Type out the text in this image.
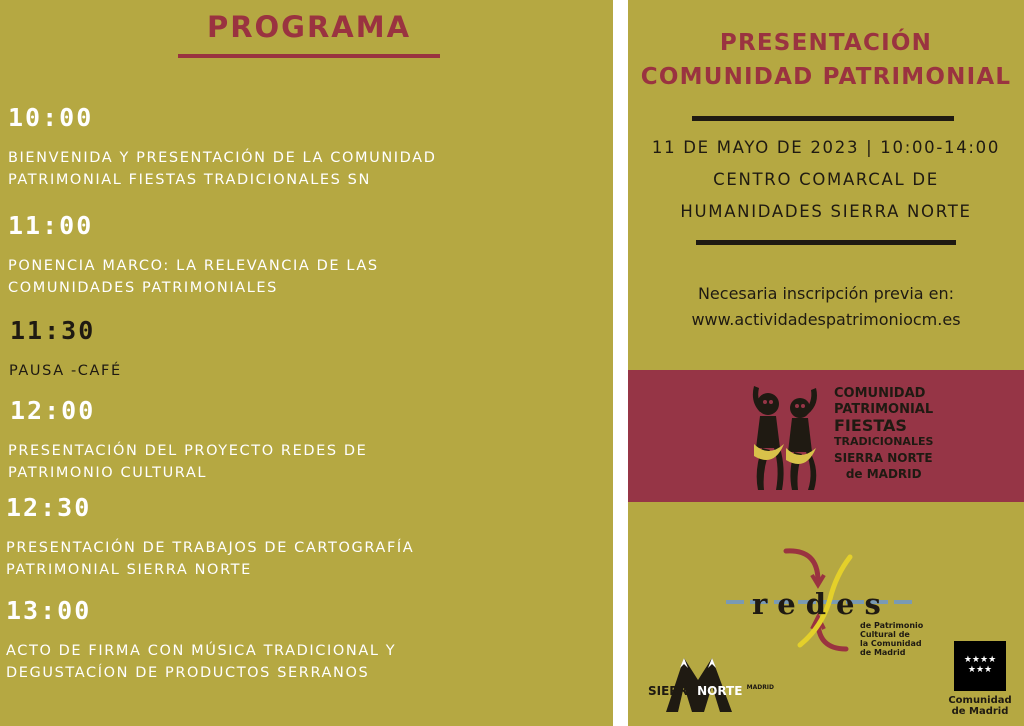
PROGRAMA
10:00
BIENVENIDA Y PRESENTACIÓN DE LA COMUNIDAD
PATRIMONIAL FIESTAS TRADICIONALES SN
11:00
PONENCIA MARCO: LA RELEVANCIA DE LAS
COMUNIDADES PATRIMONIALES
11:30
PAUSA -CAFÉ
12:00
PRESENTACIÓN DEL PROYECTO REDES DE
PATRIMONIO CULTURAL
12:30
PRESENTACIÓN DE TRABAJOS DE CARTOGRAFÍA
PATRIMONIAL SIERRA NORTE
13:00
ACTO DE FIRMA CON MÚSICA TRADICIONAL Y
DEGUSTACÍON DE PRODUCTOS SERRANOS
PRESENTACIÓN
COMUNIDAD PATRIMONIAL
11 DE MAYO DE 2023 | 10:00-14:00
CENTRO COMARCAL DE
HUMANIDADES SIERRA NORTE
Necesaria inscripción previa en:
www.actividadespatrimoniocm.es
COMUNIDAD
PATRIMONIAL
FIESTAS
TRADICIONALES
SIERRA NORTE
de MADRID
redes
de Patrimonio
Cultural de
la Comunidad
de Madrid
SIERRANORTE $^{MADRID}$
★★★★ ★★★
Comunidad
de Madrid
